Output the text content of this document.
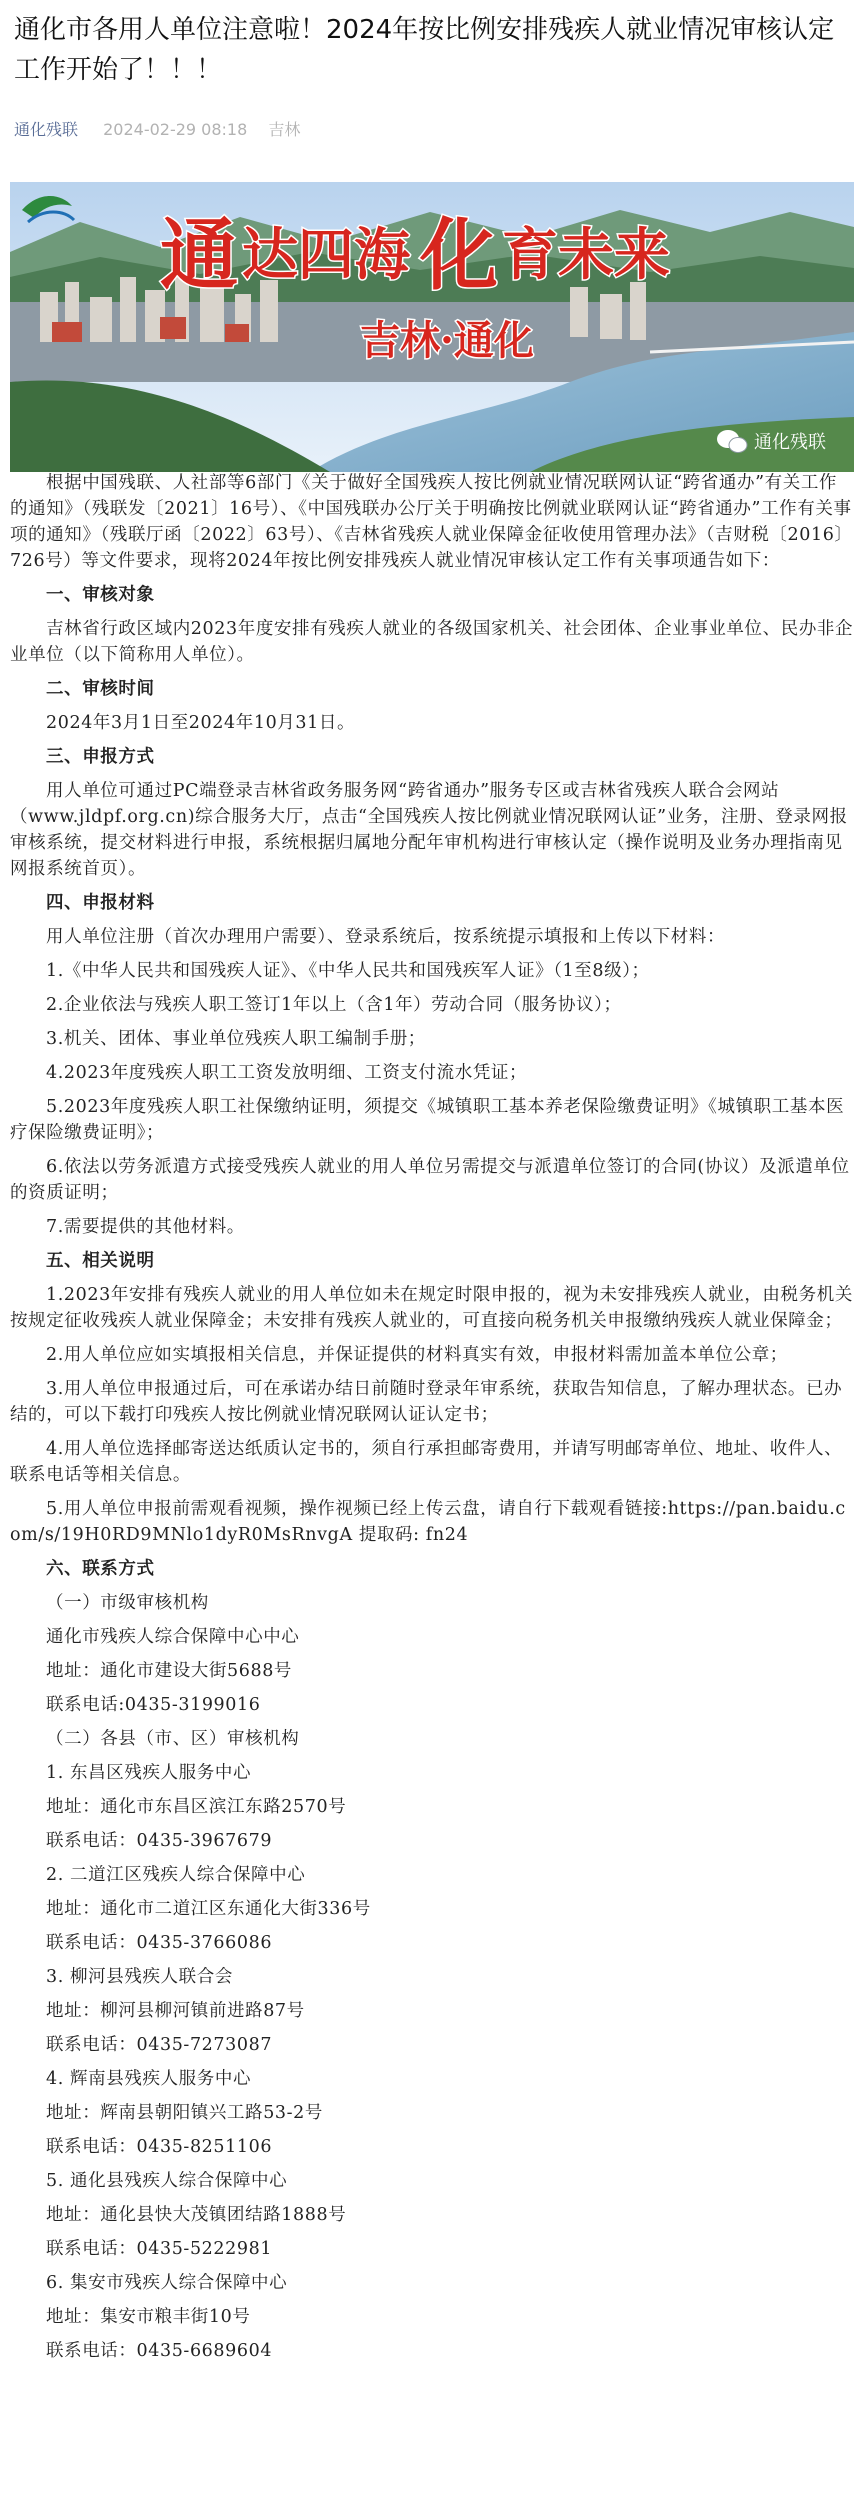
通化市各用人单位注意啦！2024年按比例安排残疾人就业情况审核认定工作开始了！！！
通化残联 2024-02-29 08:18 吉林
通 达四海 化 育未来
吉林·通化
通化残联

根据中国残联、人社部等6部门《关于做好全国残疾人按比例就业情况联网认证“跨省通办”有关工作的通知》（残联发〔2021〕16号）、《中国残联办公厅关于明确按比例就业联网认证“跨省通办”工作有关事项的通知》（残联厅函〔2022〕63号）、《吉林省残疾人就业保障金征收使用管理办法》（吉财税〔2016〕726号）等文件要求，现将2024年按比例安排残疾人就业情况审核认定工作有关事项通告如下：

一、审核对象

吉林省行政区域内2023年度安排有残疾人就业的各级国家机关、社会团体、企业事业单位、民办非企业单位（以下简称用人单位）。

二、审核时间

2024年3月1日至2024年10月31日。

三、申报方式

用人单位可通过PC端登录吉林省政务服务网“跨省通办”服务专区或吉林省残疾人联合会网站（www.jldpf.org.cn)综合服务大厅，点击“全国残疾人按比例就业情况联网认证”业务，注册、登录网报审核系统，提交材料进行申报，系统根据归属地分配年审机构进行审核认定（操作说明及业务办理指南见网报系统首页）。

四、申报材料

用人单位注册（首次办理用户需要）、登录系统后，按系统提示填报和上传以下材料：

1.《中华人民共和国残疾人证》、《中华人民共和国残疾军人证》（1至8级）；

2.企业依法与残疾人职工签订1年以上（含1年）劳动合同（服务协议）；

3.机关、团体、事业单位残疾人职工编制手册；

4.2023年度残疾人职工工资发放明细、工资支付流水凭证；

5.2023年度残疾人职工社保缴纳证明，须提交《城镇职工基本养老保险缴费证明》《城镇职工基本医疗保险缴费证明》；

6.依法以劳务派遣方式接受残疾人就业的用人单位另需提交与派遣单位签订的合同(协议）及派遣单位的资质证明；

7.需要提供的其他材料。

五、相关说明

1.2023年安排有残疾人就业的用人单位如未在规定时限申报的，视为未安排残疾人就业，由税务机关按规定征收残疾人就业保障金；未安排有残疾人就业的，可直接向税务机关申报缴纳残疾人就业保障金；

2.用人单位应如实填报相关信息，并保证提供的材料真实有效，申报材料需加盖本单位公章；

3.用人单位申报通过后，可在承诺办结日前随时登录年审系统，获取告知信息，了解办理状态。已办结的，可以下载打印残疾人按比例就业情况联网认证认定书；

4.用人单位选择邮寄送达纸质认定书的，须自行承担邮寄费用，并请写明邮寄单位、地址、收件人、联系电话等相关信息。

5.用人单位申报前需观看视频，操作视频已经上传云盘，请自行下载观看链接:https://pan.baidu.com/s/19H0RD9MNlo1dyR0MsRnvgA 提取码: fn24

六、联系方式

（一）市级审核机构

通化市残疾人综合保障中心中心

地址：通化市建设大街5688号

联系电话:0435-3199016

（二）各县（市、区）审核机构

1. 东昌区残疾人服务中心

地址：通化市东昌区滨江东路2570号

联系电话：0435-3967679

2. 二道江区残疾人综合保障中心

地址：通化市二道江区东通化大街336号

联系电话：0435-3766086

3. 柳河县残疾人联合会

地址：柳河县柳河镇前进路87号

联系电话：0435-7273087

4. 辉南县残疾人服务中心

地址：辉南县朝阳镇兴工路53-2号

联系电话：0435-8251106

5. 通化县残疾人综合保障中心

地址：通化县快大茂镇团结路1888号

联系电话：0435-5222981

6. 集安市残疾人综合保障中心

地址：集安市粮丰街10号

联系电话：0435-6689604
